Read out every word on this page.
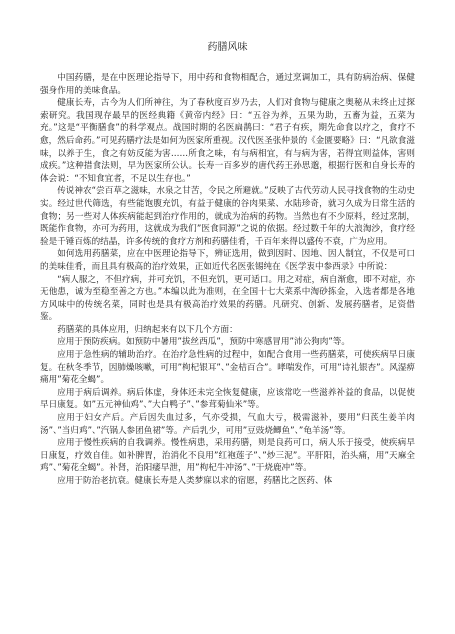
药膳风味

中国药膳，是在中医理论指导下，用中药和食物相配合，通过烹调加工，具有防病治病、保健强身作用的美味食品。

健康长寿，古今为人们所神往，为了春秋度百岁乃去，人们对食物与健康之奥秘从未终止过探索研究。我国现存最早的医经典籍《黄帝内经》曰：“五谷为养，五果为助，五畜为益，五菜为充。”这是“平衡膳食”的科学观点。战国时期的名医扁鹊曰：“君子有疾，期先命食以疗之，食疗不愈，然后命药。”可见药膳疗法是如何为医家所重视。汉代医圣张仲景的《金匮要略》曰：“凡欲食滋味，以养于生，食之有妨反能为害……所食之味，有与病相宜，有与病为害，若得宜则益体，害则成疾。”这种措食法则，早为医家所公认。长寿一百多岁的唐代药王孙思邈，根据行医和自身长寿的体会说：“不知食宜者，不足以生存也。”

传说神农“尝百草之滋味，水泉之甘苦，令民之所避就。”反映了古代劳动人民寻找食物的生动史实。经过世代筛选，有些能饱腹充饥，有益于健康的谷肉果菜、水陆珍奇，就习久成为日常生活的食物；另一些对人体疾病能起到治疗作用的，就成为治病的药物。当然也有不少原料，经过烹制，既能作食物，亦可为药用，这就成为我们”医食同源”之说的依据。经过数千年的大浪淘沙，食疗经验是千锤百炼的结晶，许多传统的食疗方剂和药膳佳肴，千百年来得以盛传不衰，广为应用。

如何选用药膳菜，应在中医理论指导下，辨证选用，做到因时、因地、因人制宜，不仅是可口的美味佳肴，而且具有极高的治疗效果，正如近代名医张锡纯在《医学衷中参西录》中所说：

“病人服之，不但疗病，并可充饥，不但充饥，更可适口。用之对症，病自渐愈，即不对症，亦无他患，诚为至稳至善之方也。”本编以此为准则，在全国十七大菜系中淘砂拣金，入选者都是各地方风味中的传统名菜，同时也是具有极高治疗效果的药膳。凡研究、创新、发展药膳者，足资借鉴。

药膳菜的具体应用，归纳起来有以下几个方面：

应用于预防疾病。如预防中暑用”拔丝西瓜”，预防中寒感冒用”沛公狗肉”等。

应用于急性病的辅助治疗。在治疗急性病的过程中，如配合食用一些药膳菜，可使疾病早日康复。在秋冬季节，因肺燥咳嗽，可用”枸杞银耳”、”金桔百合”。哮喘发作，可用”诗礼银杏”。风湿痹痛用”菊花全蝎”。

应用于病后调养。病后体虚，身体还未完全恢复健康，应该常吃一些滋养补益的食品，以促使早日康复。如”五元神仙鸡”、”大白鸭子”、”参茸菊仙米”等。

应用于妇女产后。产后因失血过多，气亦受损，气血大亏，极需滋补，要用”归芪生姜羊肉汤”、”当归鸡”、”汽锅人参团鱼裙”等。产后乳少，可用”豆豉烧鲫鱼”、”龟羊汤”等。

应用于慢性疾病的自我调养。慢性病患，采用药膳，则是良药可口，病人乐于接受，使疾病早日康复，疗效自佳。如补脾胃，治消化不良用”红袍莲子”、”炒三泥”。平肝阳，治头痛，用”天麻全鸡”、”菊花全蝎”。补肾，治阳痿早泄，用”枸杞牛冲汤”、”干烧鹿冲”等。

应用于防治老抗衰。健康长寿是人类梦寐以求的宿愿，药膳比之医药、体
